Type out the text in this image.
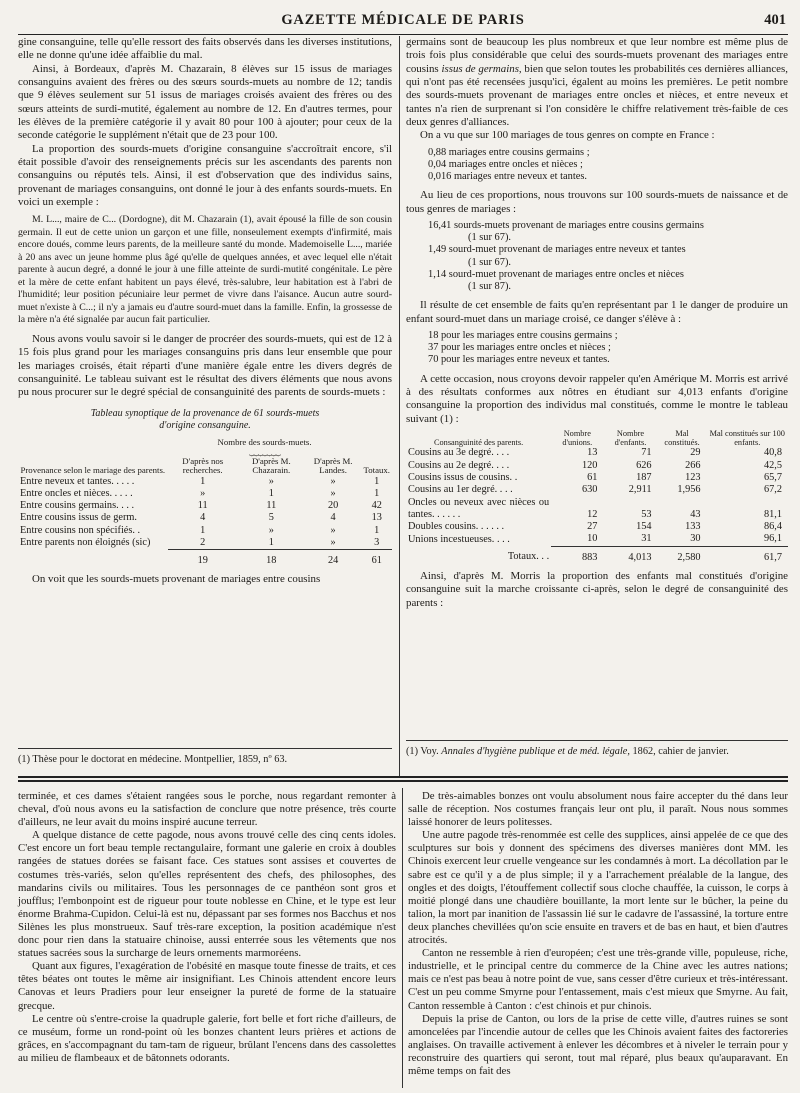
GAZETTE MÉDICALE DE PARIS	401

gine consanguine, telle qu'elle ressort des faits observés dans les diverses institutions, elle ne donne qu'une idée affaiblie du mal.

Ainsi, à Bordeaux, d'après M. Chazarain, 8 élèves sur 15 issus de mariages consanguins avaient des frères ou des sœurs sourds-muets au nombre de 12; tandis que 9 élèves seulement sur 51 issus de mariages croisés avaient des frères ou des sœurs atteints de surdi-mutité, également au nombre de 12. En d'autres termes, pour les élèves de la première catégorie il y avait 80 pour 100 à ajouter; pour ceux de la seconde catégorie le supplément n'était que de 23 pour 100.

La proportion des sourds-muets d'origine consanguine s'accroîtrait encore, s'il était possible d'avoir des renseignements précis sur les ascendants des parents non consanguins ou réputés tels. Ainsi, il est d'observation que des individus sains, provenant de mariages consanguins, ont donné le jour à des enfants sourds-muets. En voici un exemple :

M. L..., maire de C... (Dordogne), dit M. Chazarain (1), avait épousé la fille de son cousin germain. Il eut de cette union un garçon et une fille, nonseulement exempts d'infirmité, mais encore doués, comme leurs parents, de la meilleure santé du monde. Mademoiselle L..., mariée à 20 ans avec un jeune homme plus âgé qu'elle de quelques années, et avec lequel elle n'était parente à aucun degré, a donné le jour à une fille atteinte de surdi-mutité congénitale. Le père et la mère de cette enfant habitent un pays élevé, très-salubre, leur habitation est à l'abri de l'humidité; leur position pécuniaire leur permet de vivre dans l'aisance. Aucun autre sourd-muet n'existe à C...; il n'y a jamais eu d'autre sourd-muet dans la famille. Enfin, la grossesse de la mère n'a été signalée par aucun fait particulier.

Nous avons voulu savoir si le danger de procréer des sourds-muets, qui est de 12 à 15 fois plus grand pour les mariages consanguins pris dans leur ensemble que pour les mariages croisés, était réparti d'une manière égale entre les divers degrés de consanguinité. Le tableau suivant est le résultat des divers éléments que nous avons pu nous procurer sur le degré spécial de consanguinité des parents de sourds-muets :

Tableau synoptique de la provenance de 61 sourds-muets
d'origine consanguine.

	Nombre des sourds-muets.
⏟⏟⏟⏟⏟⏟⏟			

Provenance selon le mariage des parents.	D'après nos recherches.	D'après M. Chazarain.	D'après M. Landes.	Totaux.
Entre neveux et tantes. . . . .	1	»	»	1
Entre oncles et nièces. . . . .	»	1	»	1
Entre cousins germains. . . .	11	11	20	42
Entre cousins issus de germ.	4	5	4	13
Entre cousins non spécifiés. .	1	»	»	1
Entre parents non éloignés (sic)	2	1	»	3
	19	18	24	61

On voit que les sourds-muets provenant de mariages entre cousins

germains sont de beaucoup les plus nombreux et que leur nombre est même plus de trois fois plus considérable que celui des sourds-muets provenant des mariages entre cousins issus de germains, bien que selon toutes les probabilités ces dernières alliances, qui n'ont pas été recensées jusqu'ici, égalent au moins les premières. Le petit nombre des sourds-muets provenant de mariages entre oncles et nièces, et entre neveux et tantes n'a rien de surprenant si l'on considère le chiffre relativement très-faible de ces deux genres d'alliances.

On a vu que sur 100 mariages de tous genres on compte en France :

0,88 mariages entre cousins germains ;
0,04 mariages entre oncles et nièces ;
0,016 mariages entre neveux et tantes.

Au lieu de ces proportions, nous trouvons sur 100 sourds-muets de naissance et de tous genres de mariages :

16,41 sourds-muets provenant de mariages entre cousins germains
(1 sur 67).
1,49 sourd-muet provenant de mariages entre neveux et tantes
(1 sur 67).
1,14 sourd-muet provenant de mariages entre oncles et nièces
(1 sur 87).

Il résulte de cet ensemble de faits qu'en représentant par 1 le danger de produire un enfant sourd-muet dans un mariage croisé, ce danger s'élève à :

18 pour les mariages entre cousins germains ;
37 pour les mariages entre oncles et nièces ;
70 pour les mariages entre neveux et tantes.

A cette occasion, nous croyons devoir rappeler qu'en Amérique M. Morris est arrivé à des résultats conformes aux nôtres en étudiant sur 4,013 enfants d'origine consanguine la proportion des individus mal constitués, comme le montre le tableau suivant (1) :

Consanguinité des parents.	Nombre d'unions.	Nombre d'enfants.	Mal constitués.	Mal constitués sur 100 enfants.
Cousins au 3e degré. . . .	13	71	29	40,8
Cousins au 2e degré. . . .	120	626	266	42,5
Cousins issus de cousins. .	61	187	123	65,7
Cousins au 1er degré. . . .	630	2,911	1,956	67,2
Oncles ou neveux avec nièces ou tantes. . . . . .	12	53	43	81,1
Doubles cousins. . . . . .	27	154	133	86,4
Unions incestueuses. . . .	10	31	30	96,1
Totaux. . .	883	4,013	2,580	61,7

Ainsi, d'après M. Morris la proportion des enfants mal constitués d'origine consanguine suit la marche croissante ci-après, selon le degré de consanguinité des parents :

(1) Thèse pour le doctorat en médecine. Montpellier, 1859, nº 63.
(1) Voy. Annales d'hygiène publique et de méd. légale, 1862, cahier de janvier.

terminée, et ces dames s'étaient rangées sous le porche, nous regardant remonter à cheval, d'où nous avons eu la satisfaction de conclure que notre présence, très courte d'ailleurs, ne leur avait du moins inspiré aucune terreur.

A quelque distance de cette pagode, nous avons trouvé celle des cinq cents idoles. C'est encore un fort beau temple rectangulaire, formant une galerie en croix à doubles rangées de statues dorées se faisant face. Ces statues sont assises et couvertes de costumes très-variés, selon qu'elles représentent des chefs, des philosophes, des mandarins civils ou militaires. Tous les personnages de ce panthéon sont gros et joufflus; l'embonpoint est de rigueur pour toute noblesse en Chine, et le type est leur énorme Brahma-Cupidon. Celui-là est nu, dépassant par ses formes nos Bacchus et nos Silènes les plus monstrueux. Sauf très-rare exception, la position académique n'est donc pour rien dans la statuaire chinoise, aussi enterrée sous les vêtements que nos statues sacrées sous la surcharge de leurs ornements marmoréens.

Quant aux figures, l'exagération de l'obésité en masque toute finesse de traits, et ces têtes béates ont toutes le même air insignifiant. Les Chinois attendent encore leurs Canovas et leurs Pradiers pour leur enseigner la pureté de forme de la statuaire grecque.

Le centre où s'entre-croise la quadruple galerie, fort belle et fort riche d'ailleurs, de ce muséum, forme un rond-point où les bonzes chantent leurs prières et actions de grâces, en s'accompagnant du tam-tam de rigueur, brûlant l'encens dans des cassolettes au milieu de flambeaux et de bâtonnets odorants.

De très-aimables bonzes ont voulu absolument nous faire accepter du thé dans leur salle de réception. Nos costumes français leur ont plu, il paraît. Nous nous sommes laissé honorer de leurs politesses.

Une autre pagode très-renommée est celle des supplices, ainsi appelée de ce que des sculptures sur bois y donnent des spécimens des diverses manières dont MM. les Chinois exercent leur cruelle vengeance sur les condamnés à mort. La décollation par le sabre est ce qu'il y a de plus simple; il y a l'arrachement préalable de la langue, des ongles et des doigts, l'étouffement collectif sous cloche chauffée, la cuisson, le corps à moitié plongé dans une chaudière bouillante, la mort lente sur le bûcher, la peine du talion, la mort par inanition de l'assassin lié sur le cadavre de l'assassiné, la torture entre deux planches chevillées qu'on scie ensuite en travers et de bas en haut, et bien d'autres atrocités.

Canton ne ressemble à rien d'européen; c'est une très-grande ville, populeuse, riche, industrielle, et le principal centre du commerce de la Chine avec les autres nations; mais ce n'est pas beau à notre point de vue, sans cesser d'être curieux et très-intéressant. C'est un peu comme Smyrne pour l'entassement, mais c'est mieux que Smyrne. Au fait, Canton ressemble à Canton : c'est chinois et pur chinois.

Depuis la prise de Canton, ou lors de la prise de cette ville, d'autres ruines se sont amoncelées par l'incendie autour de celles que les Chinois avaient faites des factoreries anglaises. On travaille activement à enlever les décombres et à niveler le terrain pour y reconstruire des quartiers qui seront, tout mal réparé, plus beaux qu'auparavant. En même temps on fait des
